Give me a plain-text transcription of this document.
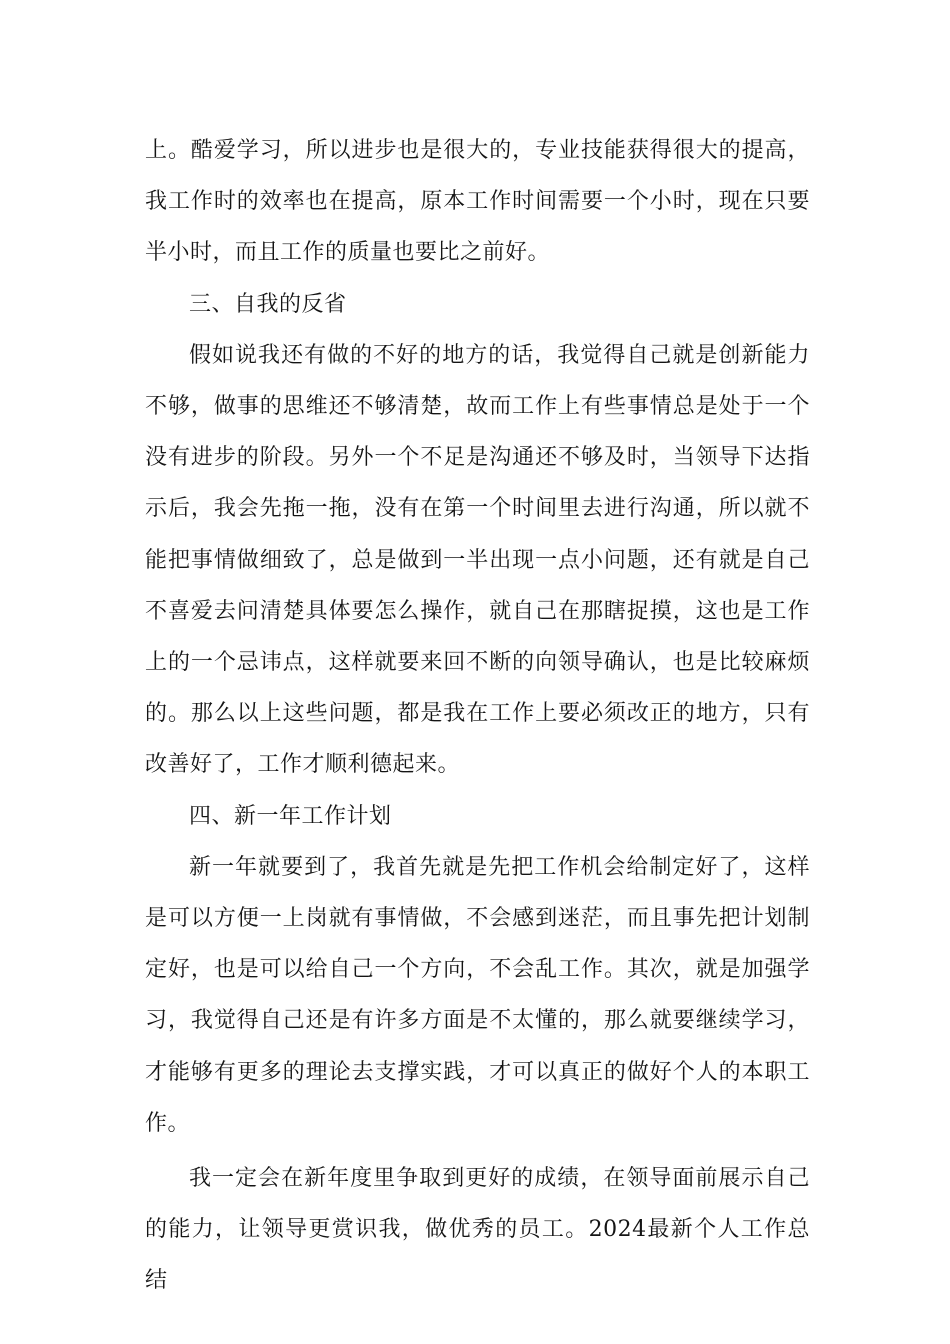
上。酷爱学习，所以进步也是很大的，专业技能获得很大的提高，我工作时的效率也在提高，原本工作时间需要一个小时，现在只要半小时，而且工作的质量也要比之前好。

三、自我的反省

假如说我还有做的不好的地方的话，我觉得自己就是创新能力不够，做事的思维还不够清楚，故而工作上有些事情总是处于一个没有进步的阶段。另外一个不足是沟通还不够及时，当领导下达指示后，我会先拖一拖，没有在第一个时间里去进行沟通，所以就不能把事情做细致了，总是做到一半出现一点小问题，还有就是自己不喜爱去问清楚具体要怎么操作，就自己在那瞎捉摸，这也是工作上的一个忌讳点，这样就要来回不断的向领导确认，也是比较麻烦的。那么以上这些问题，都是我在工作上要必须改正的地方，只有改善好了，工作才顺利德起来。

四、新一年工作计划

新一年就要到了，我首先就是先把工作机会给制定好了，这样是可以方便一上岗就有事情做，不会感到迷茫，而且事先把计划制定好，也是可以给自己一个方向，不会乱工作。其次，就是加强学习，我觉得自己还是有许多方面是不太懂的，那么就要继续学习，才能够有更多的理论去支撑实践，才可以真正的做好个人的本职工作。

我一定会在新年度里争取到更好的成绩，在领导面前展示自己的能力，让领导更赏识我，做优秀的员工。2024最新个人工作总结
